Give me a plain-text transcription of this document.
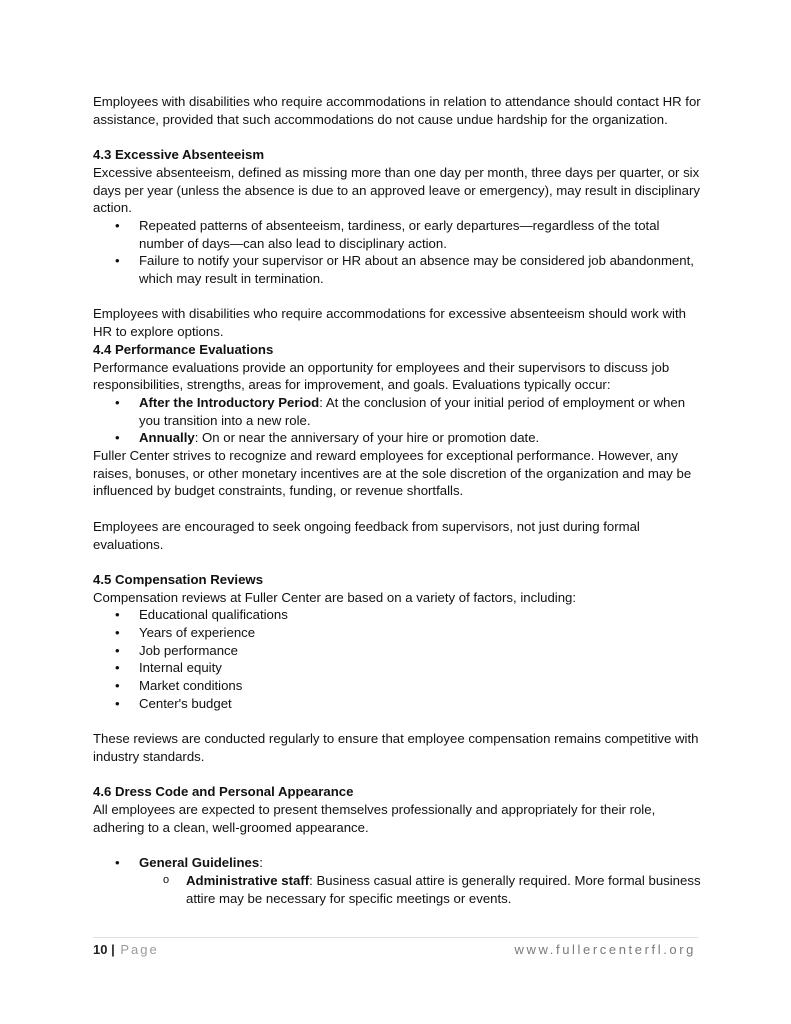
Employees with disabilities who require accommodations in relation to attendance should contact HR for assistance, provided that such accommodations do not cause undue hardship for the organization.

4.3 Excessive Absenteeism

Excessive absenteeism, defined as missing more than one day per month, three days per quarter, or six days per year (unless the absence is due to an approved leave or emergency), may result in disciplinary action.

• Repeated patterns of absenteeism, tardiness, or early departures—regardless of the total number of days—can also lead to disciplinary action.
• Failure to notify your supervisor or HR about an absence may be considered job abandonment, which may result in termination.

Employees with disabilities who require accommodations for excessive absenteeism should work with HR to explore options.

4.4 Performance Evaluations

Performance evaluations provide an opportunity for employees and their supervisors to discuss job responsibilities, strengths, areas for improvement, and goals. Evaluations typically occur:

• After the Introductory Period: At the conclusion of your initial period of employment or when you transition into a new role.
• Annually: On or near the anniversary of your hire or promotion date.

Fuller Center strives to recognize and reward employees for exceptional performance. However, any raises, bonuses, or other monetary incentives are at the sole discretion of the organization and may be influenced by budget constraints, funding, or revenue shortfalls.

Employees are encouraged to seek ongoing feedback from supervisors, not just during formal evaluations.

4.5 Compensation Reviews

Compensation reviews at Fuller Center are based on a variety of factors, including:

• Educational qualifications
• Years of experience
• Job performance
• Internal equity
• Market conditions
• Center's budget

These reviews are conducted regularly to ensure that employee compensation remains competitive with industry standards.

4.6 Dress Code and Personal Appearance

All employees are expected to present themselves professionally and appropriately for their role, adhering to a clean, well-groomed appearance.

• General Guidelines:
o Administrative staff: Business casual attire is generally required. More formal business attire may be necessary for specific meetings or events.
10 | Page	www.fullercenterfl.org
